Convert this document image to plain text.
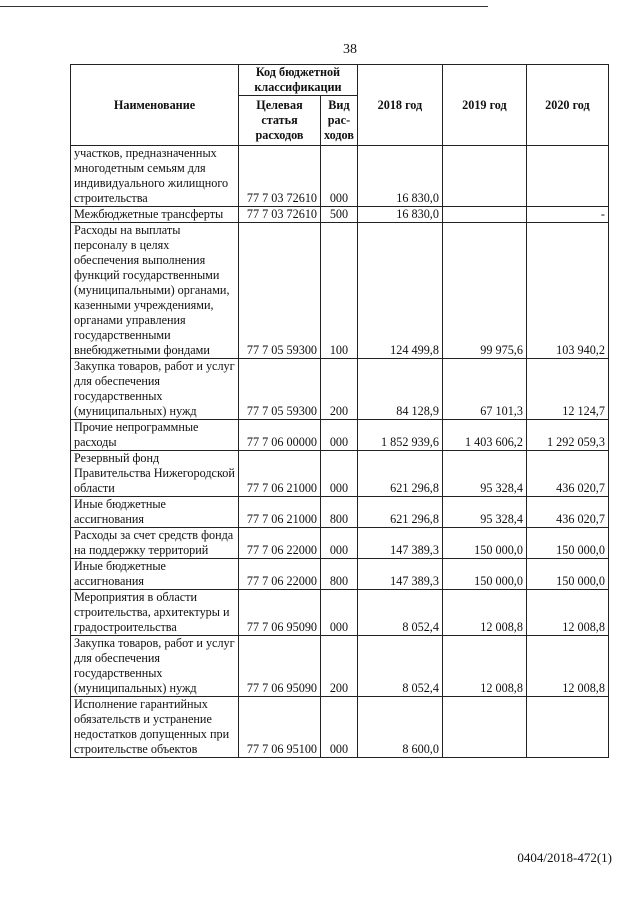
38
Наименование	Код бюджетной классификации		2018 год	2019 год	2020 год
	Целевая статья расходов	Вид рас-ходов			
участков, предназначенных многодетным семьям для индивидуального жилищного строительства	77 7 03 72610	000	16 830,0		
Межбюджетные трансферты	77 7 03 72610	500	16 830,0		-
Расходы на выплаты персоналу в целях обеспечения выполнения функций государственными (муниципальными) органами, казенными учреждениями, органами управления государственными внебюджетными фондами	77 7 05 59300	100	124 499,8	99 975,6	103 940,2
Закупка товаров, работ и услуг для обеспечения государственных (муниципальных) нужд	77 7 05 59300	200	84 128,9	67 101,3	12 124,7
Прочие непрограммные расходы	77 7 06 00000	000	1 852 939,6	1 403 606,2	1 292 059,3
Резервный фонд Правительства Нижегородской области	77 7 06 21000	000	621 296,8	95 328,4	436 020,7
Иные бюджетные ассигнования	77 7 06 21000	800	621 296,8	95 328,4	436 020,7
Расходы за счет средств фонда на поддержку территорий	77 7 06 22000	000	147 389,3	150 000,0	150 000,0
Иные бюджетные ассигнования	77 7 06 22000	800	147 389,3	150 000,0	150 000,0
Мероприятия в области строительства, архитектуры и градостроительства	77 7 06 95090	000	8 052,4	12 008,8	12 008,8
Закупка товаров, работ и услуг для обеспечения государственных (муниципальных) нужд	77 7 06 95090	200	8 052,4	12 008,8	12 008,8
Исполнение гарантийных обязательств и устранение недостатков допущенных при строительстве объектов	77 7 06 95100	000	8 600,0		
0404/2018-472(1)
